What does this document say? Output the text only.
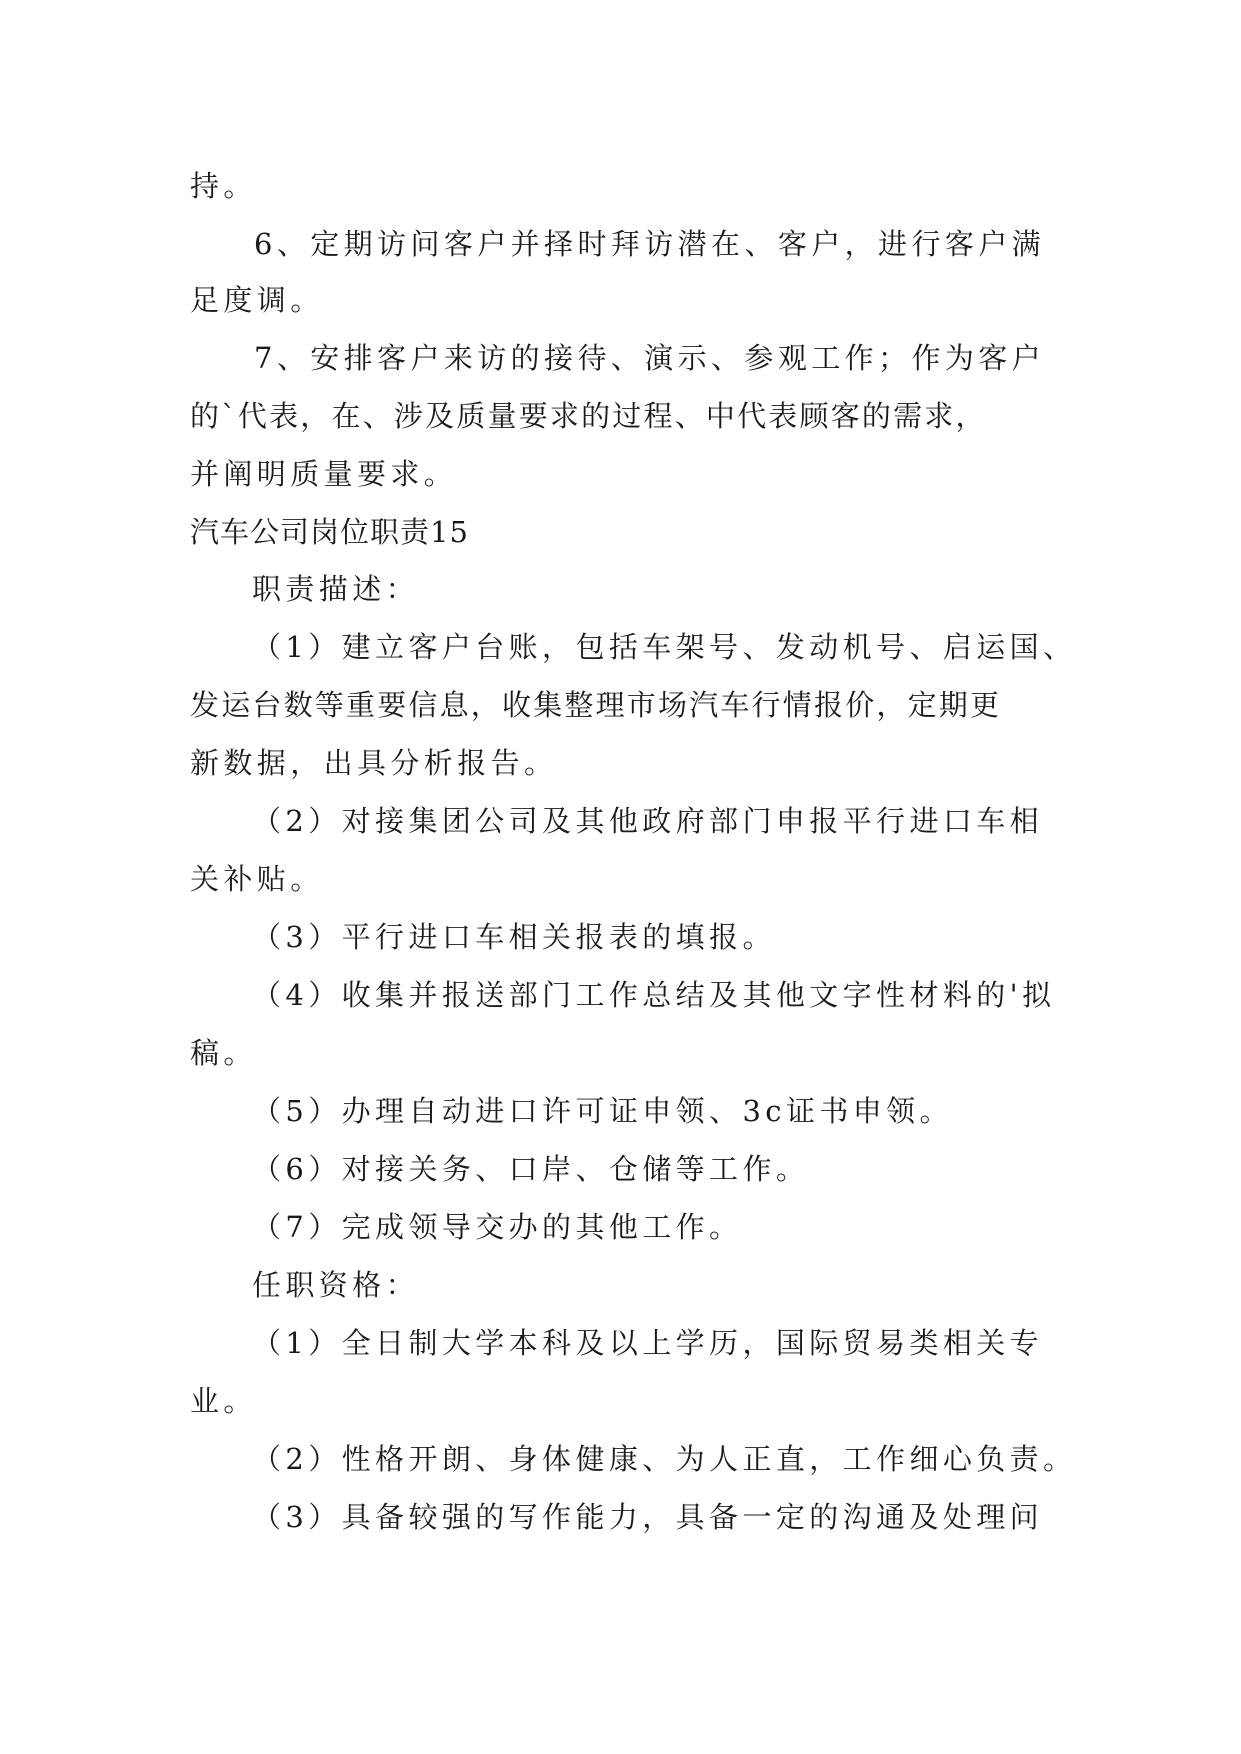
持。
6、定期访问客户并择时拜访潜在、客户，进行客户满
足度调。
7、安排客户来访的接待、演示、参观工作；作为客户
的`代表，在、涉及质量要求的过程、中代表顾客的需求，
并阐明质量要求。
汽车公司岗位职责15
职责描述：
（1）建立客户台账，包括车架号、发动机号、启运国、
发运台数等重要信息，收集整理市场汽车行情报价，定期更
新数据，出具分析报告。
（2）对接集团公司及其他政府部门申报平行进口车相
关补贴。
（3）平行进口车相关报表的填报。
（4）收集并报送部门工作总结及其他文字性材料的'拟
稿。
（5）办理自动进口许可证申领、3c证书申领。
（6）对接关务、口岸、仓储等工作。
（7）完成领导交办的其他工作。
任职资格：
（1）全日制大学本科及以上学历，国际贸易类相关专
业。
（2）性格开朗、身体健康、为人正直，工作细心负责。
（3）具备较强的写作能力，具备一定的沟通及处理问
